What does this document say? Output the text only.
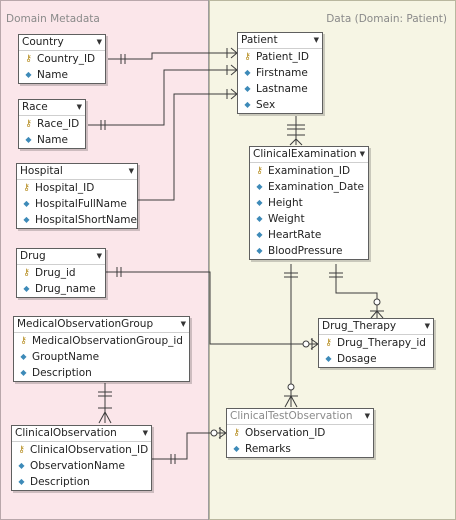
Domain Metadata	Data (Domain: Patient)
Country	▼
⚷ Country_ID
◆ Name
Race	▼
⚷ Race_ID
◆ Name
Hospital	▼
⚷ Hospital_ID
◆ HospitalFullName
◆ HospitalShortName
Drug	▼
⚷ Drug_id
◆ Drug_name
MedicalObservationGroup	▼
⚷ MedicalObservationGroup_id
◆ GrouptName
◆ Description
ClinicalObservation	▼
⚷ ClinicalObservation_ID
◆ ObservationName
◆ Description
Patient	▼
⚷ Patient_ID
◆ Firstname
◆ Lastname
◆ Sex
ClinicalExamination ▼
⚷ Examination_ID
◆ Examination_Date
◆ Height
◆ Weight
◆ HeartRate
◆ BloodPressure
Drug_Therapy	▼
⚷ Drug_Therapy_id
◆ Dosage
ClinicalTestObservation ▼
⚷ Observation_ID
◆ Remarks
